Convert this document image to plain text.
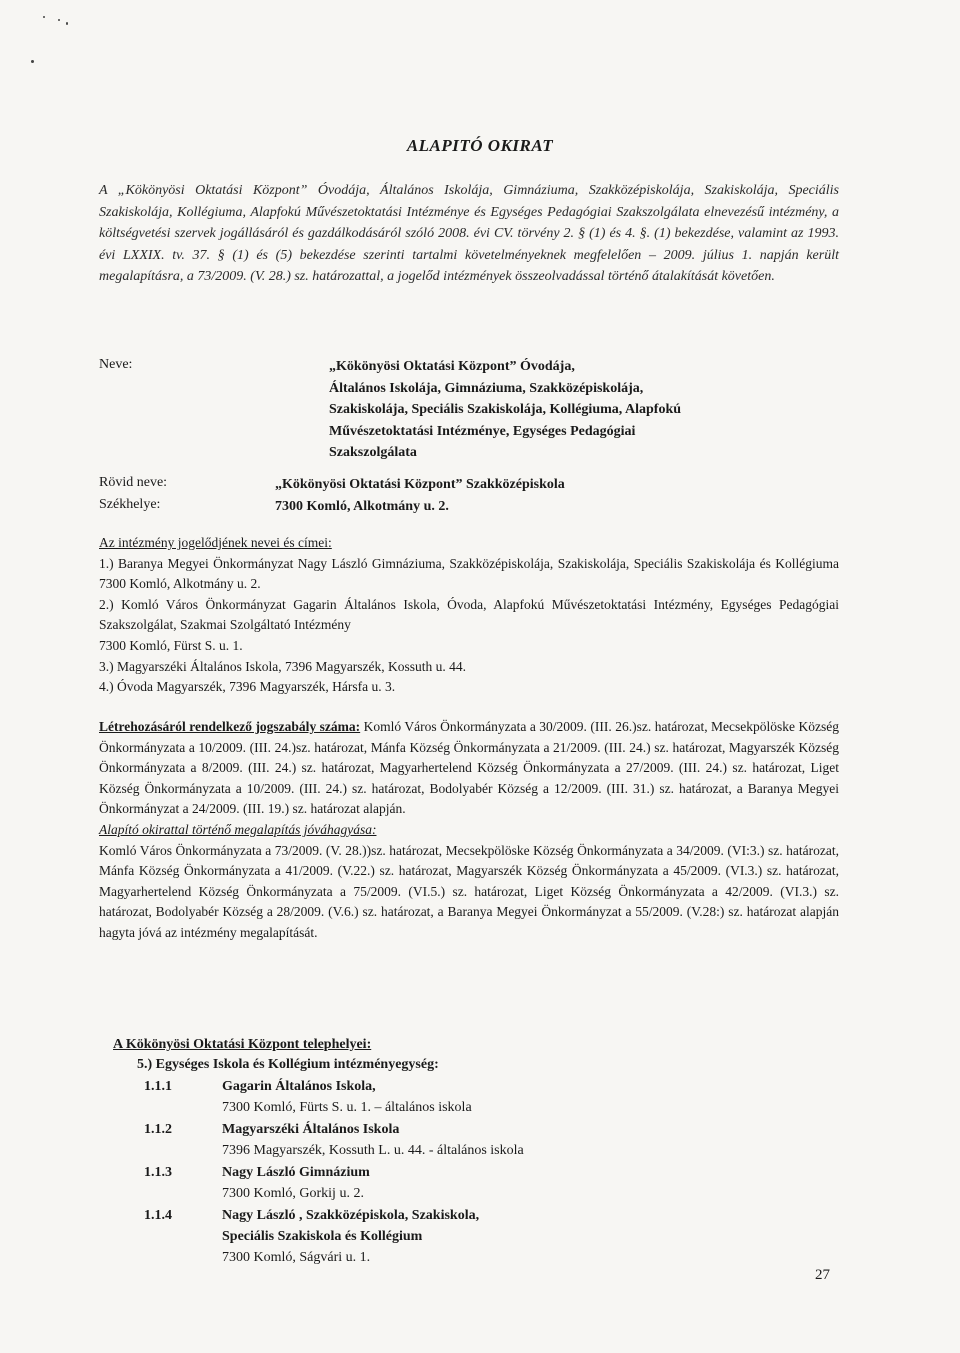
ALAPITÓ OKIRAT
A „Kökönyösi Oktatási Központ” Óvodája, Általános Iskolája, Gimnáziuma, Szakközépiskolája, Szakiskolája, Speciális Szakiskolája, Kollégiuma, Alapfokú Művészetoktatási Intézménye és Egységes Pedagógiai Szakszolgálata elnevezésű intézmény, a költségvetési szervek jogállásáról és gazdálkodásáról szóló 2008. évi CV. törvény 2. § (1) és 4. §. (1) bekezdése, valamint az 1993. évi LXXIX. tv. 37. § (1) és (5) bekezdése szerinti tartalmi követelményeknek megfelelően – 2009. július 1. napján került megalapításra, a 73/2009. (V. 28.) sz. határozattal, a jogelőd intézmények összeolvadással történő átalakítását követően.
Neve:	„Kökönyösi Oktatási Központ” Óvodája,
Általános Iskolája, Gimnáziuma, Szakközépiskolája,
Szakiskolája, Speciális Szakiskolája, Kollégiuma, Alapfokú
Művészetoktatási Intézménye, Egységes Pedagógiai
Szakszolgálata
Rövid neve:	„Kökönyösi Oktatási Központ” Szakközépiskola
Székhelye:	7300 Komló, Alkotmány u. 2.

Az intézmény jogelődjének nevei és címei:

1.) Baranya Megyei Önkormányzat Nagy László Gimnáziuma, Szakközépiskolája, Szakiskolája, Speciális Szakiskolája és Kollégiuma 7300 Komló, Alkotmány u. 2.

2.) Komló Város Önkormányzat Gagarin Általános Iskola, Óvoda, Alapfokú Művészetoktatási Intézmény, Egységes Pedagógiai Szakszolgálat, Szakmai Szolgáltató Intézmény

7300 Komló, Fürst S. u. 1.

3.) Magyarszéki Általános Iskola, 7396 Magyarszék, Kossuth u. 44.

4.) Óvoda Magyarszék, 7396 Magyarszék, Hársfa u. 3.

Létrehozásáról rendelkező jogszabály száma: Komló Város Önkormányzata a 30/2009. (III. 26.)sz. határozat, Mecsekpölöske Község Önkormányzata a 10/2009. (III. 24.)sz. határozat, Mánfa Község Önkormányzata a 21/2009. (III. 24.) sz. határozat, Magyarszék Község Önkormányzata a 8/2009. (III. 24.) sz. határozat, Magyarhertelend Község Önkormányzata a 27/2009. (III. 24.) sz. határozat, Liget Község Önkormányzata a 10/2009. (III. 24.) sz. határozat, Bodolyabér Község a 12/2009. (III. 31.) sz. határozat, a Baranya Megyei Önkormányzat a 24/2009. (III. 19.) sz. határozat alapján.

Alapító okirattal történő megalapítás jóváhagyása:

Komló Város Önkormányzata a 73/2009. (V. 28.))sz. határozat, Mecsekpölöske Község Önkormányzata a 34/2009. (VI:3.) sz. határozat, Mánfa Község Önkormányzata a 41/2009. (V.22.) sz. határozat, Magyarszék Község Önkormányzata a 45/2009. (VI.3.) sz. határozat, Magyarhertelend Község Önkormányzata a 75/2009. (VI.5.) sz. határozat, Liget Község Önkormányzata a 42/2009. (VI.3.) sz. határozat, Bodolyabér Község a 28/2009. (V.6.) sz. határozat, a Baranya Megyei Önkormányzat a 55/2009. (V.28:) sz. határozat alapján hagyta jóvá az intézmény megalapítását.

A Kökönyösi Oktatási Központ telephelyei:
5.) Egységes Iskola és Kollégium intézményegység:
1.1.1	Gagarin Általános Iskola,
7300 Komló, Fürts S. u. 1. – általános iskola
1.1.2	Magyarszéki Általános Iskola
7396 Magyarszék, Kossuth L. u. 44. - általános iskola
1.1.3	Nagy László Gimnázium
7300 Komló, Gorkij u. 2.
1.1.4	Nagy László , Szakközépiskola, Szakiskola,
Speciális Szakiskola és Kollégium
7300 Komló, Ságvári u. 1.
27
